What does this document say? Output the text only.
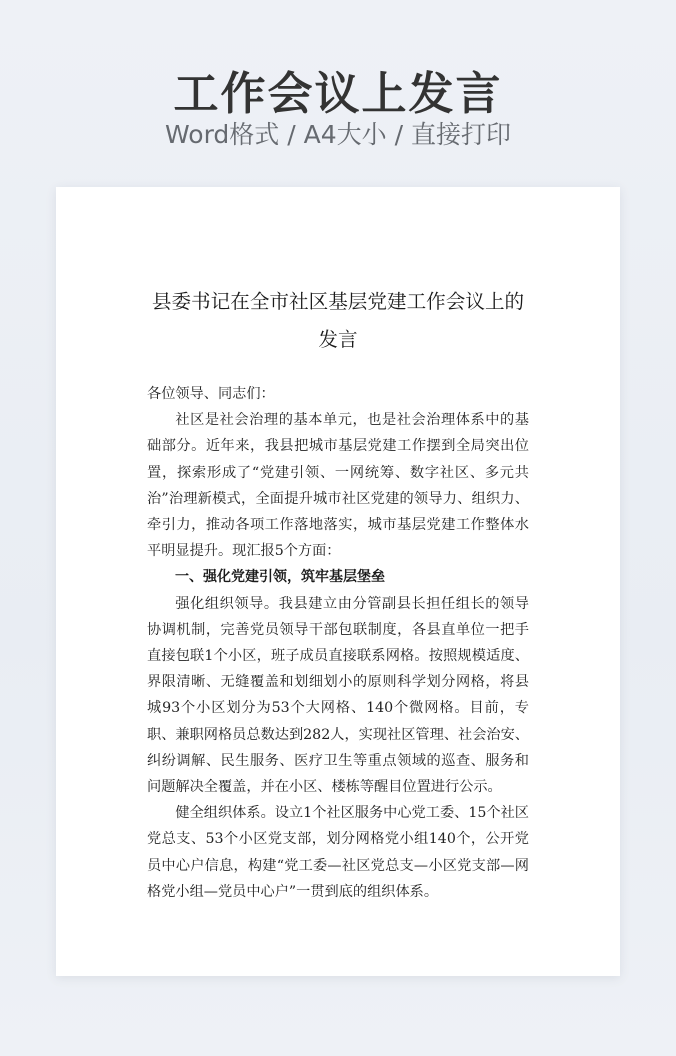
工作会议上发言
Word格式 / A4大小 / 直接打印
县委书记在全市社区基层党建工作会议上的发言

各位领导、同志们：

社区是社会治理的基本单元，也是社会治理体系中的基础部分。近年来，我县把城市基层党建工作摆到全局突出位置，探索形成了“党建引领、一网统筹、数字社区、多元共治”治理新模式，全面提升城市社区党建的领导力、组织力、牵引力，推动各项工作落地落实，城市基层党建工作整体水平明显提升。现汇报5个方面：

一、强化党建引领，筑牢基层堡垒

强化组织领导。我县建立由分管副县长担任组长的领导协调机制，完善党员领导干部包联制度，各县直单位一把手直接包联1个小区，班子成员直接联系网格。按照规模适度、界限清晰、无缝覆盖和划细划小的原则科学划分网格，将县城93个小区划分为53个大网格、140个微网格。目前，专职、兼职网格员总数达到282人，实现社区管理、社会治安、纠纷调解、民生服务、医疗卫生等重点领域的巡查、服务和问题解决全覆盖，并在小区、楼栋等醒目位置进行公示。

健全组织体系。设立1个社区服务中心党工委、15个社区党总支、53个小区党支部，划分网格党小组140个，公开党员中心户信息，构建“党工委—社区党总支—小区党支部—网格党小组—党员中心户”一贯到底的组织体系。
